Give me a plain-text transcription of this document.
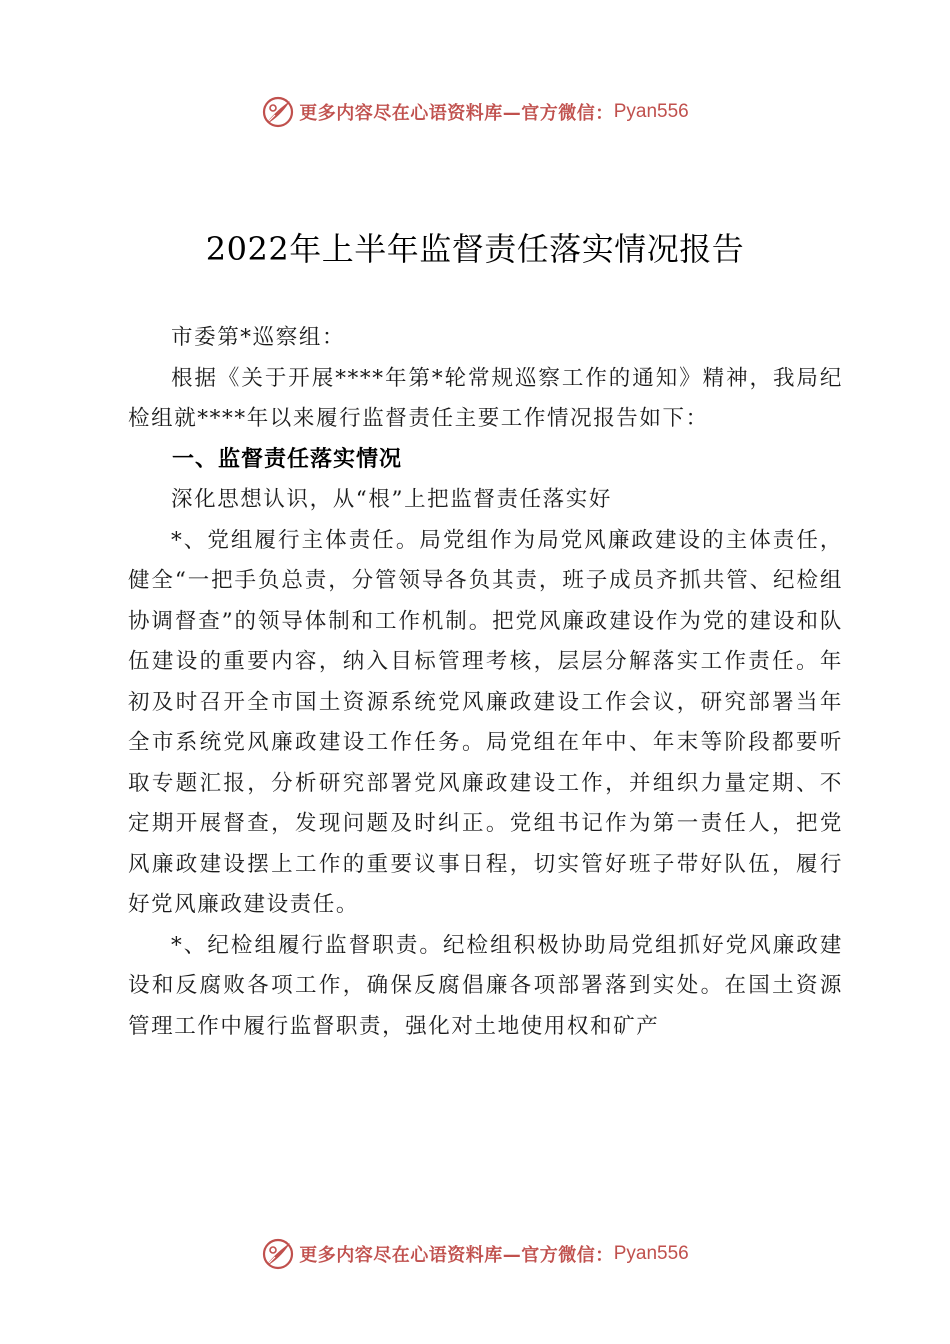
更多内容尽在心语资料库—官方微信： Pyan556
2022年上半年监督责任落实情况报告

市委第*巡察组：

根据《关于开展****年第*轮常规巡察工作的通知》精神，我局纪检组就****年以来履行监督责任主要工作情况报告如下：

一、监督责任落实情况

深化思想认识，从“根”上把监督责任落实好

*、党组履行主体责任。局党组作为局党风廉政建设的主体责任，健全“一把手负总责，分管领导各负其责，班子成员齐抓共管、纪检组协调督查”的领导体制和工作机制。把党风廉政建设作为党的建设和队伍建设的重要内容，纳入目标管理考核，层层分解落实工作责任。年初及时召开全市国土资源系统党风廉政建设工作会议，研究部署当年全市系统党风廉政建设工作任务。局党组在年中、年末等阶段都要听取专题汇报，分析研究部署党风廉政建设工作，并组织力量定期、不定期开展督查，发现问题及时纠正。党组书记作为第一责任人，把党风廉政建设摆上工作的重要议事日程，切实管好班子带好队伍，履行好党风廉政建设责任。

*、纪检组履行监督职责。纪检组积极协助局党组抓好党风廉政建设和反腐败各项工作，确保反腐倡廉各项部署落到实处。在国土资源管理工作中履行监督职责，强化对土地使用权和矿产

更多内容尽在心语资料库—官方微信： Pyan556
